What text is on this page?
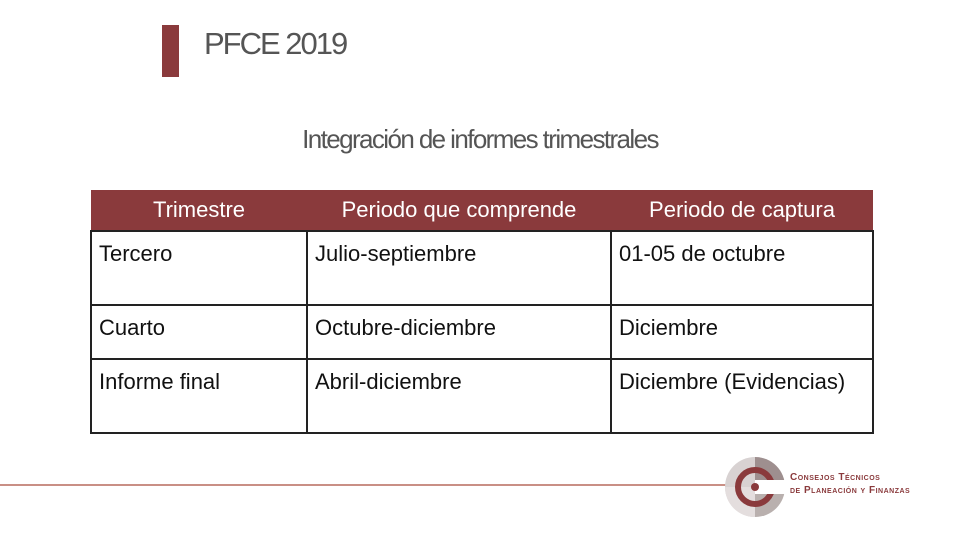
PFCE 2019
Integración de informes trimestrales
Trimestre	Periodo que comprende	Periodo de captura
Tercero	Julio-septiembre	01-05 de octubre
Cuarto	Octubre-diciembre	Diciembre
Informe final	Abril-diciembre	Diciembre (Evidencias)
Consejos Técnicos
de Planeación y Finanzas
